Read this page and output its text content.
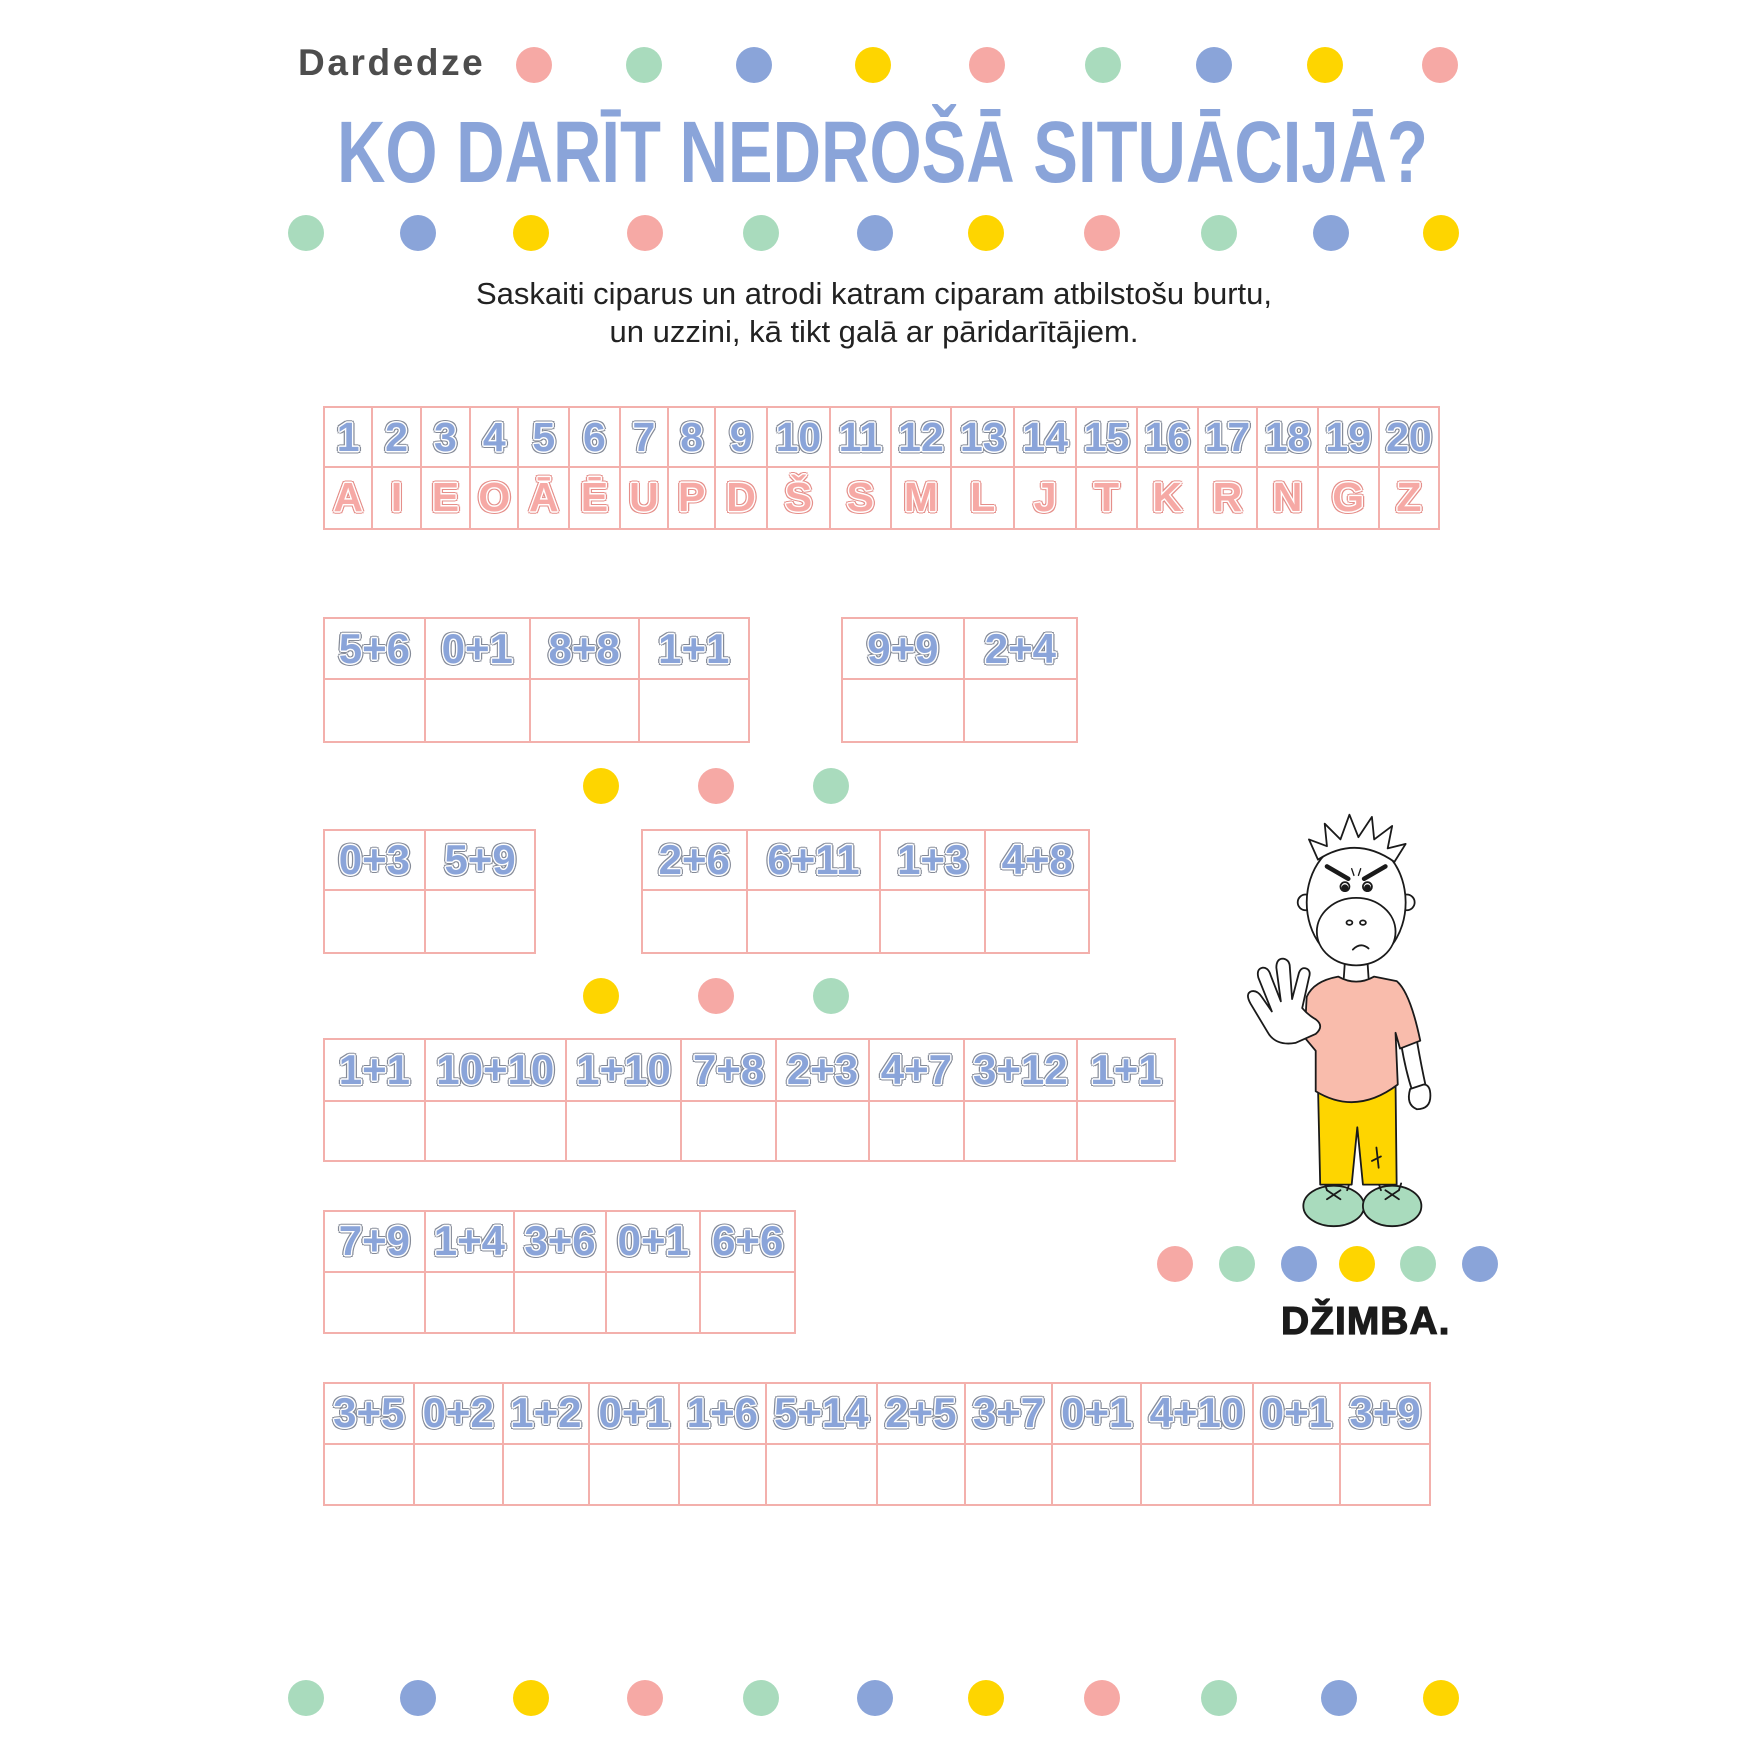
Dardedze
KO DARĪT NEDROŠĀ SITUĀCIJĀ?
Saskaiti ciparus un atrodi katram ciparam atbilstošu burtu,
un uzzini, kā tikt galā ar pāridarītājiem.
1 2 3 4 5 6 7 8 9 10 11 12 13 14 15 16 17 18 19 20
A I E O Ā Ē U P D Š S M L J T K R N G Z
5+6 0+1 8+8 1+1	9+9 2+4
0+3 5+9	2+6 6+11 1+3 4+8
1+1 10+10 1+10 7+8 2+3 4+7 3+12 1+1
7+9 1+4 3+6 0+1 6+6
3+5 0+2 1+2 0+1 1+6 5+14 2+5 3+7 0+1 4+10 0+1 3+9
DŽIMBA.
